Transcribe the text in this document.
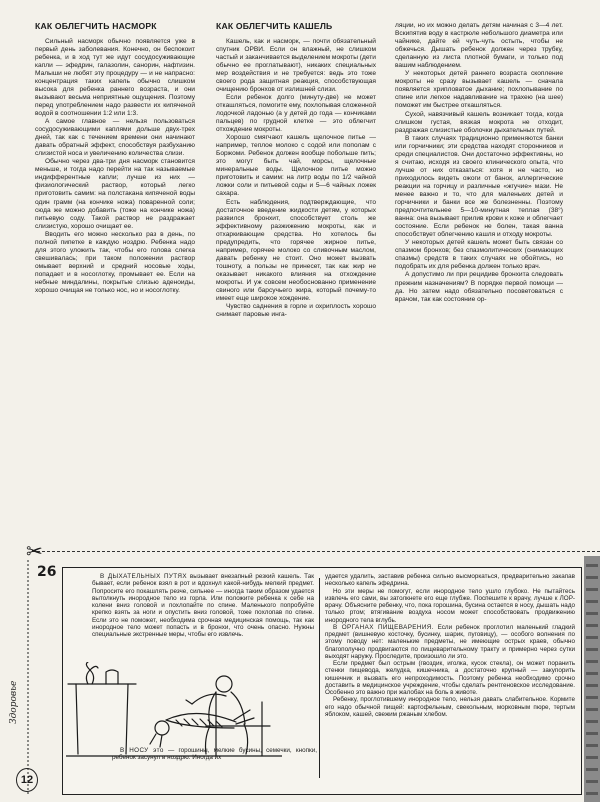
КАК ОБЛЕГЧИТЬ НАСМОРК

Сильный насморк обычно появляется уже в первый день заболевания. Конечно, он беспокоит ребенка, и в ход тут же идут сосудосуживающие капли — эфедрин, галазолин, санорин, нафтизин. Малыши не любят эту процедуру — и не напрасно: концентрация таких капель обычно слишком высока для ребенка раннего возраста, и они вызывают весьма неприятные ощущения. Поэтому перед употреблением надо развести их кипяченой водой в соотношении 1:2 или 1:3.

А самое главное — нельзя пользоваться сосудосуживающими каплями дольше двух-трех дней, так как с течением времени они начинают давать обратный эффект, способствуя разбуханию слизистой носа и увеличению количества слизи.

Обычно через два-три дня насморк становится меньше, и тогда надо перейти на так называемые индифферентные капли; лучше из них — физиологический раствор, который легко приготовить самим: на полстакана кипяченой воды один грамм (на кончике ножа) поваренной соли; сюда же можно добавить (тоже на кончике ножа) питьевую соду. Такой раствор не раздражает слизистую, хорошо очищает ее.

Вводить его можно несколько раз в день, по полной пипетке в каждую ноздрю. Ребенка надо для этого уложить так, чтобы его голова слегка свешивалась; при таком положении раствор омывает верхний и средний носовые ходы, попадает и в носоглотку, промывает ее. Если на небные миндалины, покрытые слизью аденоиды, хорошо очищая не только нос, но и носоглотку.

КАК ОБЛЕГЧИТЬ КАШЕЛЬ

Кашель, как и насморк, — почти обязательный спутник ОРВИ. Если он влажный, не слишком частый и заканчивается выделением мокроты (дети обычно ее проглатывают), никаких специальных мер воздействия и не требуется: ведь это тоже своего рода защитная реакция, способствующая очищению бронхов от излишней слизи.

Если ребенок долго (минуту-две) не может откашляться, помогите ему, похлопывая сложенной лодочкой ладонью (а у детей до года — кончиками пальцев) по грудной клетке — это облегчит отхождение мокроты.

Хорошо смягчают кашель щелочное питье — например, теплое молоко с содой или пополам с Боржоми. Ребенок должен вообще побольше пить; это могут быть чай, морсы, щелочные минеральные воды. Щелочное питье можно приготовить и самим: на литр воды по 1/2 чайной ложки соли и питьевой соды и 5—6 чайных ложек сахара.

Есть наблюдения, подтверждающие, что достаточное введение жидкости детям, у которых развился бронхит, способствует столь же эффективному разжижению мокроты, как и отхаркивающие средства. Но хотелось бы предупредить, что горячее жирное питье, например, горячее молоко со сливочным маслом, давать ребенку не стоит. Оно может вызвать тошноту, а пользы не принесет, так как жир не оказывает никакого влияния на отхождение мокроты. И уж совсем необоснованно применение свиного или барсучьего жира, который почему-то имеет еще широкое хождение.

Чувство саднения в горле и охриплость хорошо снимает паровые инга-

ляции, но их можно делать детям начиная с 3—4 лет. Вскипятив воду в кастрюле небольшого диаметра или чайнике, дайте ей чуть-чуть остыть, чтобы не обжечься. Дышать ребенок должен через трубку, сделанную из листа плотной бумаги, и только под вашим наблюдением.

У некоторых детей раннего возраста скопление мокроты не сразу вызывает кашель — сначала появляется хрипловатое дыхание; похлопывание по спине или легкое надавливание на трахею (на шее) поможет им быстрее откашляться.

Сухой, навязчивый кашель возникает тогда, когда слишком густая, вязкая мокрота не отходит, раздражая слизистые оболочки дыхательных путей.

В таких случаях традиционно применяются банки или горчичники; эти средства находят сторонников и среди специалистов. Они достаточно эффективны, но я считаю, исходя из своего клинического опыта, что лучше от них отказаться: хотя и не часто, но приходилось видеть ожоги от банок, аллергические реакции на горчицу и различные «жгучие» мази. Не менее важно и то, что для маленьких детей и горчичники и банки все же болезненны. Поэтому предпочтительнее 5—10-минутная теплая (38°) ванна: она вызывает прилив крови к коже и облегчает состояние. Если ребенок не болен, такая ванна способствует облегчению кашля и отходу мокроты.

У некоторых детей кашель может быть связан со спазмом бронхов; без спазмолитических (снимающих спазмы) средств в таких случаях не обойтись, но подобрать их для ребенка должен только врач.

А допустимо ли при рецидиве бронхита следовать прежним назначениям? В порядке первой помощи — да. Но затем надо обязательно посоветоваться с врачом, так как состояние ор-

✂
26
Здоровье
12

В ДЫХАТЕЛЬНЫХ ПУТЯХ вызывает внезапный резкий кашель. Так бывает, если ребенок взял в рот и вдохнул какой-нибудь мелкий предмет. Попросите его покашлять резче, сильнее — иногда таким образом удается вытолкнуть инородное тело из горла. Или положите ребенка к себе на колени вниз головой и похлопайте по спине. Маленького попробуйте крепко взять за ноги и опустить вниз головой, тоже похлопав по спине. Если это не поможет, необходима срочная медицинская помощь, так как инородное тело может попасть и в бронхи, что очень опасно. Нужны специальные экстренные меры, чтобы его извлечь.

В НОСУ это — горошины, мелкие бусины, семечки, кнопки, ребенок засунул в ноздрю. Иногда их

удается удалить, заставив ребенка сильно высморкаться, предварительно закапав несколько капель эфедрина.

Но эти меры не помогут, если инородное тело ушло глубоко. Не пытайтесь извлечь его сами, вы затолкнете его еще глубже. Поспешите к врачу, лучше к ЛОР-врачу. Объясните ребенку, что, пока горошина, бусина остается в носу, дышать надо только ртом; втягивание воздуха носом может способствовать продвижению инородного тела вглубь.

В ОРГАНАХ ПИЩЕВАРЕНИЯ. Если ребенок проглотил маленький гладкий предмет (вишневую косточку, бусинку, шарик, пуговицу), — особого волнения по этому поводу нет: маленькие предметы, не имеющие острых краев, обычно благополучно продвигаются по пищеварительному тракту и примерно через сутки выходят наружу. Проследите, произошло ли это.

Если предмет был острым (гвоздик, иголка, кусок стекла), он может поранить стенки пищевода, желудка, кишечника, а достаточно крупный — закупорить кишечник и вызвать его непроходимость. Поэтому ребенка необходимо срочно доставить в медицинское учреждение, чтобы сделать рентгеновское исследование. Особенно это важно при жалобах на боль в животе.

Ребенку, проглотившему инородное тело, нельзя давать слабительное. Кормите его надо обычной пищей: картофельным, свекольным, морковным пюре, тертым яблоком, кашей, свежим ржаным хлебом.
